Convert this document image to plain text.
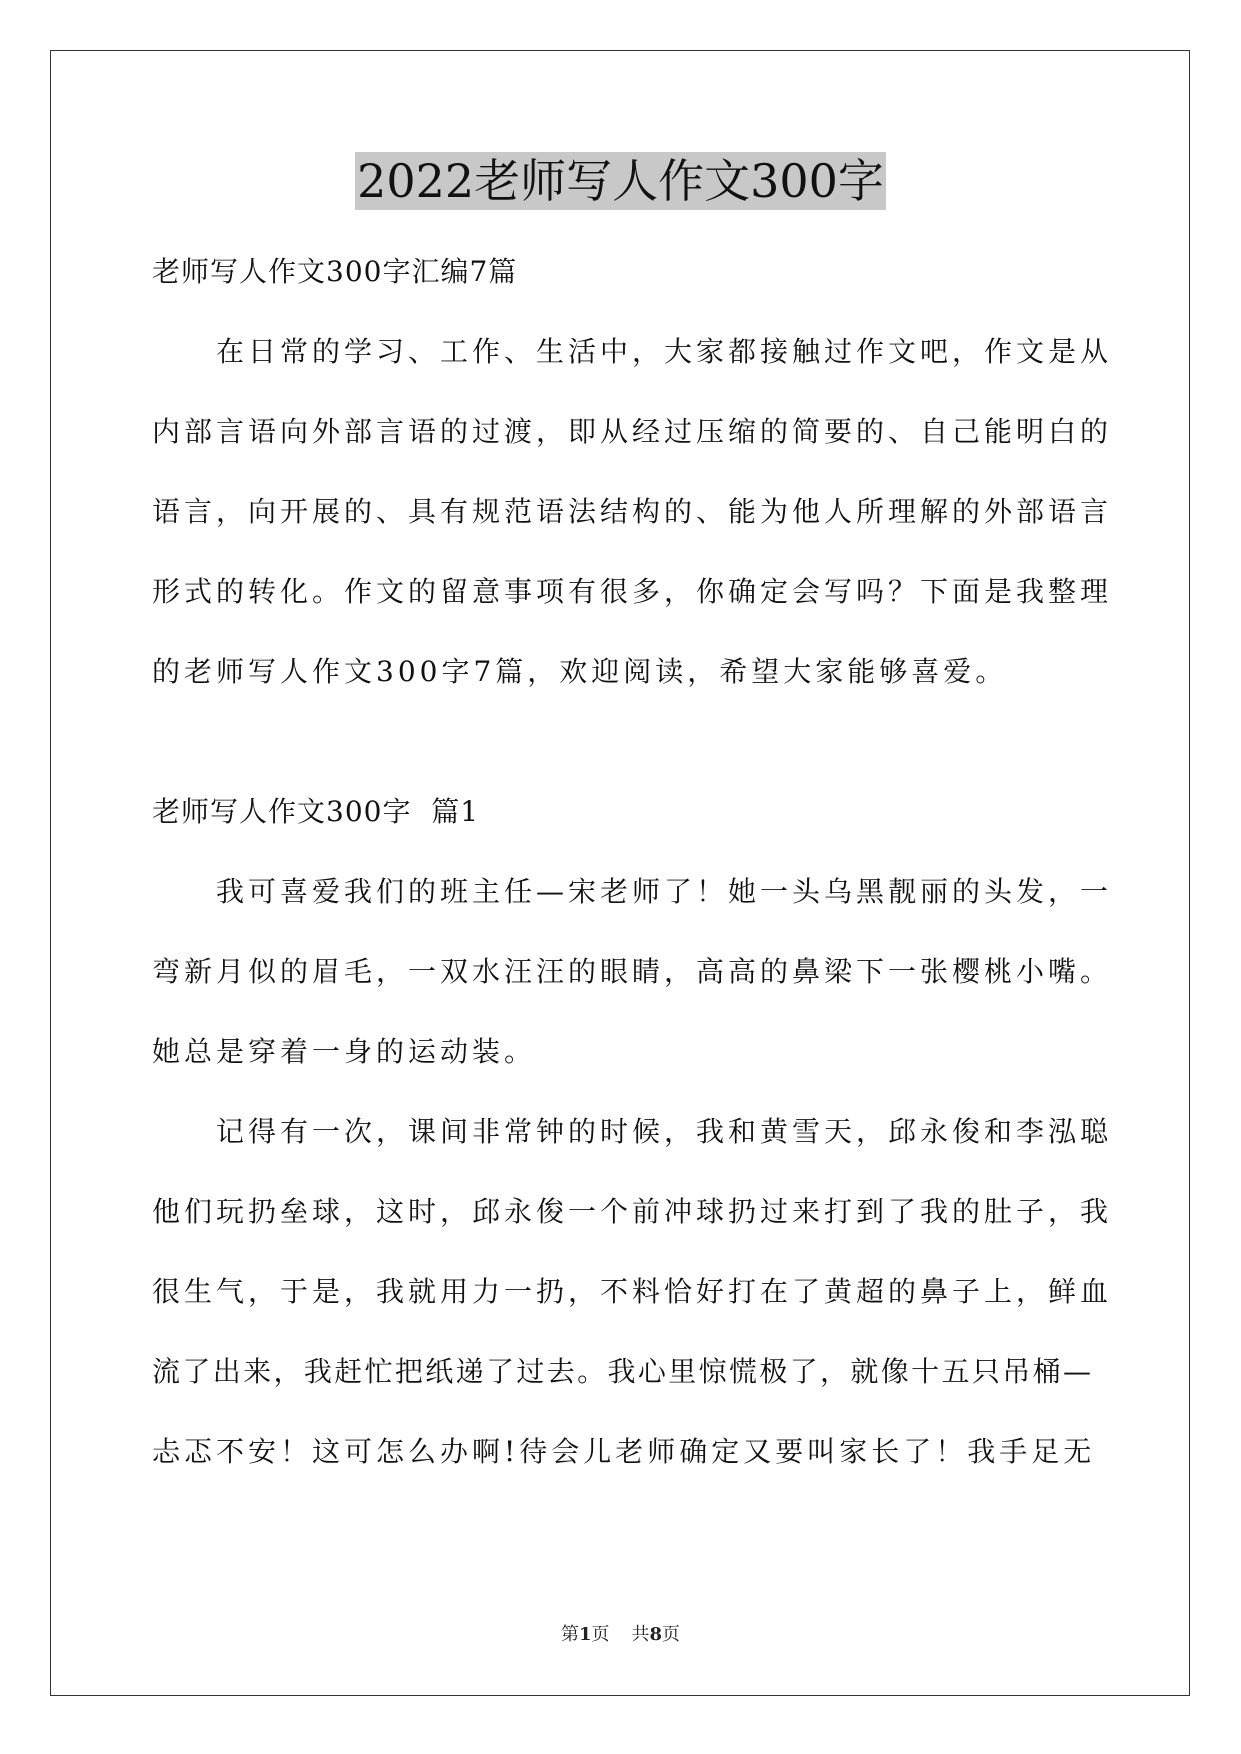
2022老师写人作文300字
老师写人作文300字汇编7篇
在日常的学习、工作、生活中，大家都接触过作文吧，作文是从
内部言语向外部言语的过渡，即从经过压缩的简要的、自己能明白的
语言，向开展的、具有规范语法结构的、能为他人所理解的外部语言
形式的转化。作文的留意事项有很多，你确定会写吗？下面是我整理
的老师写人作文300字7篇，欢迎阅读，希望大家能够喜爱。
老师写人作文300字  篇1
我可喜爱我们的班主任—宋老师了！她一头乌黑靓丽的头发，一
弯新月似的眉毛，一双水汪汪的眼睛，高高的鼻梁下一张樱桃小嘴。
她总是穿着一身的运动装。
记得有一次，课间非常钟的时候，我和黄雪天，邱永俊和李泓聪
他们玩扔垒球，这时，邱永俊一个前冲球扔过来打到了我的肚子，我
很生气，于是，我就用力一扔，不料恰好打在了黄超的鼻子上，鲜血
流了出来，我赶忙把纸递了过去。我心里惊慌极了，就像十五只吊桶—
忐忑不安！这可怎么办啊!待会儿老师确定又要叫家长了！我手足无
第1页 共8页
